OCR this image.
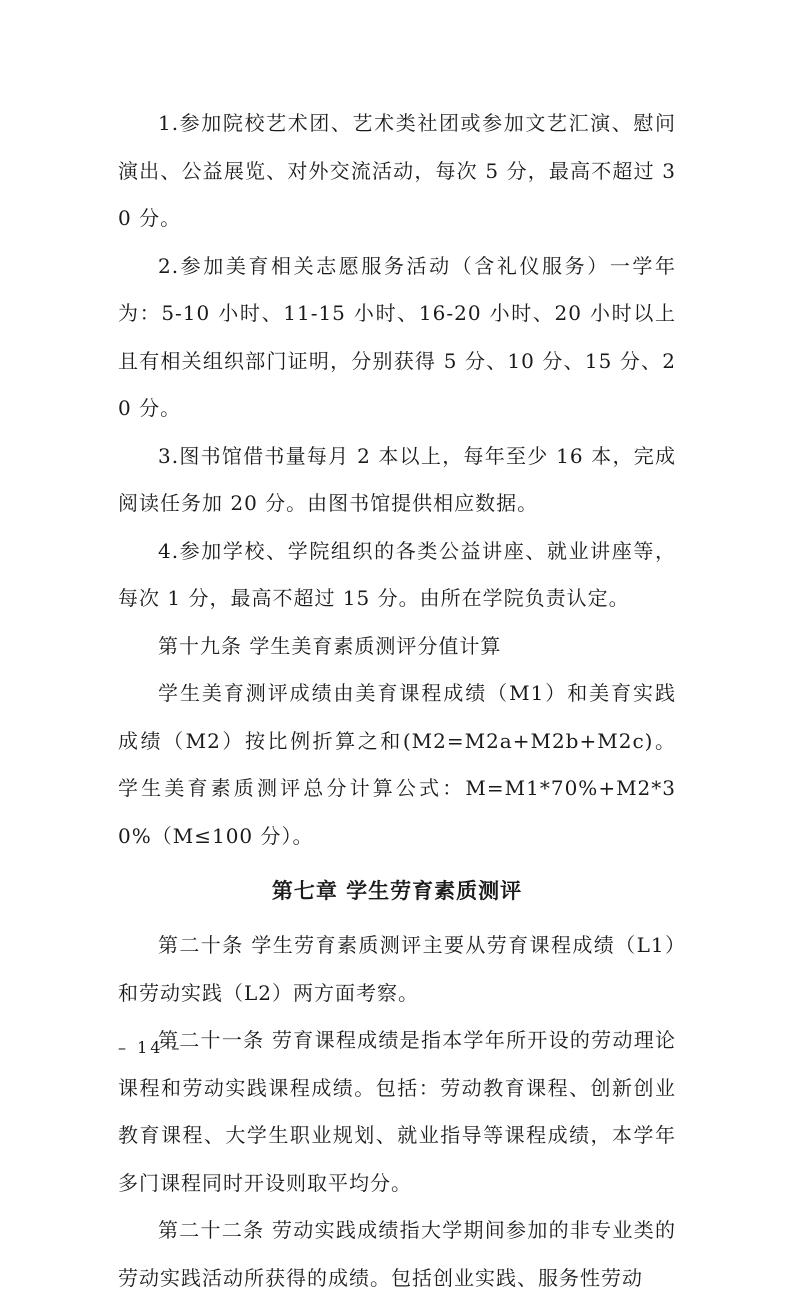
1.参加院校艺术团、艺术类社团或参加文艺汇演、慰问演出、公益展览、对外交流活动，每次 5 分，最高不超过 30 分。

2.参加美育相关志愿服务活动（含礼仪服务）一学年为：5-10 小时、11-15 小时、16-20 小时、20 小时以上且有相关组织部门证明，分别获得 5 分、10 分、15 分、20 分。

3.图书馆借书量每月 2 本以上，每年至少 16 本，完成阅读任务加 20 分。由图书馆提供相应数据。

4.参加学校、学院组织的各类公益讲座、就业讲座等，每次 1 分，最高不超过 15 分。由所在学院负责认定。

第十九条 学生美育素质测评分值计算

学生美育测评成绩由美育课程成绩（M1）和美育实践成绩（M2）按比例折算之和(M2=M2a+M2b+M2c)。学生美育素质测评总分计算公式：M=M1*70%+M2*30%（M≤100 分）。

第七章 学生劳育素质测评

第二十条 学生劳育素质测评主要从劳育课程成绩（L1）和劳动实践（L2）两方面考察。

第二十一条 劳育课程成绩是指本学年所开设的劳动理论课程和劳动实践课程成绩。包括：劳动教育课程、创新创业教育课程、大学生职业规划、就业指导等课程成绩，本学年多门课程同时开设则取平均分。

第二十二条 劳动实践成绩指大学期间参加的非专业类的劳动实践活动所获得的成绩。包括创业实践、服务性劳动

– 14 –
